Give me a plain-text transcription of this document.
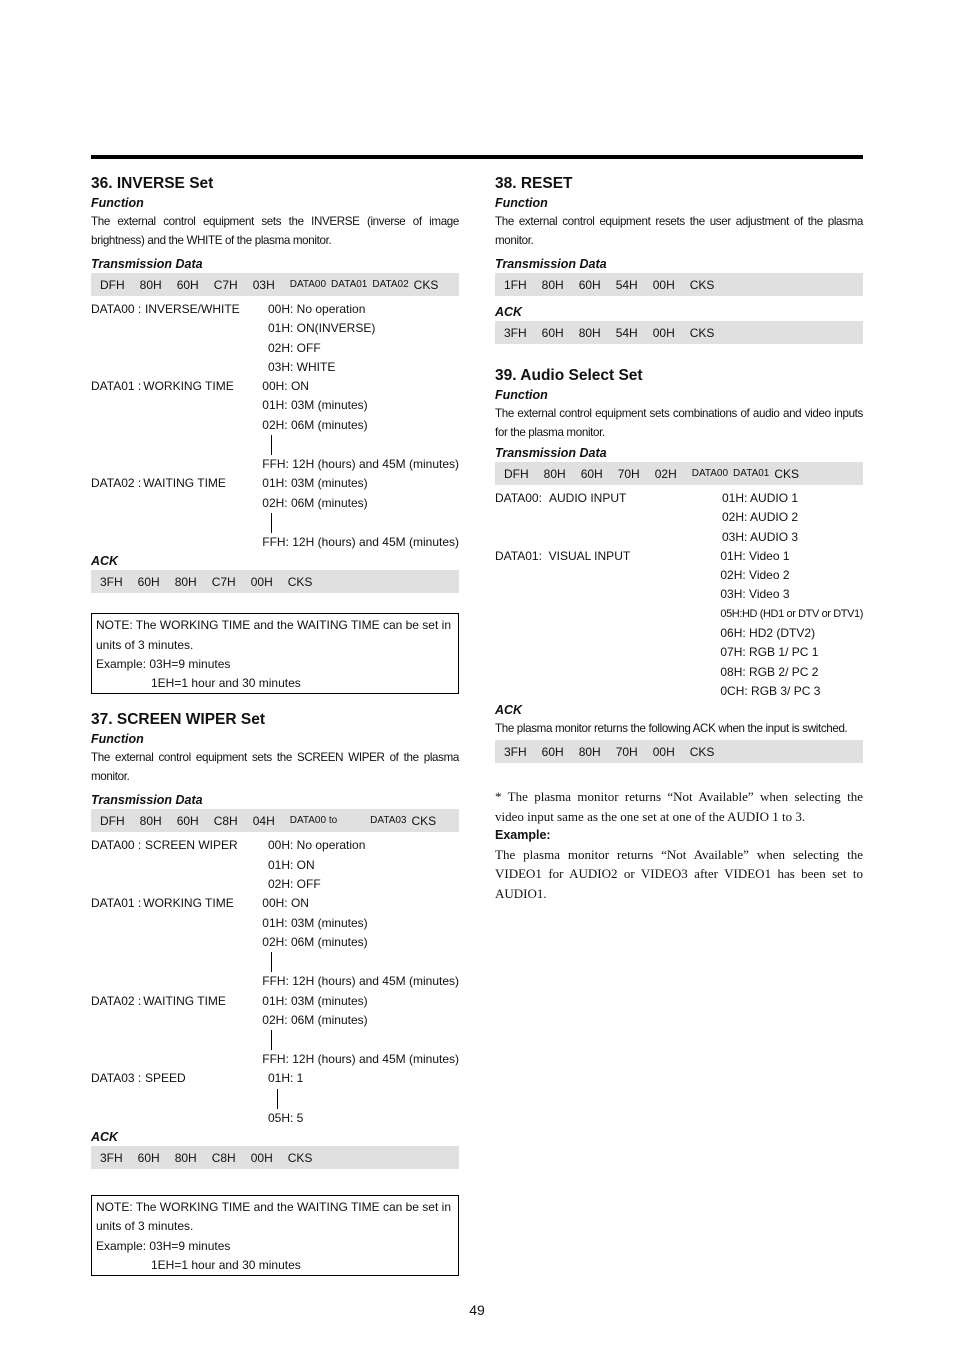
36. INVERSE Set

Function

The external control equipment sets the INVERSE (inverse of image brightness) and the WHITE of the plasma monitor.

Transmission Data

DFH 80H 60H C7H 03H DATA00 DATA01 DATA02 CKS
DATA00 : INVERSE/WHITE	00H: No operation
01H: ON(INVERSE)
02H: OFF
03H: WHITE
DATA01 : WORKING TIME	00H: ON
01H: 03M (minutes)
02H: 06M (minutes)
FFH: 12H (hours) and 45M (minutes)
DATA02 : WAITING TIME	01H: 03M (minutes)
02H: 06M (minutes)
FFH: 12H (hours) and 45M (minutes)

ACK

3FH 60H 80H C7H 00H CKS
NOTE: The WORKING TIME and the WAITING TIME can be set in units of 3 minutes.
Example: 03H=9 minutes
1EH=1 hour and 30 minutes

37. SCREEN WIPER Set

Function

The external control equipment sets the SCREEN WIPER of the plasma monitor.

Transmission Data

DFH 80H 60H C8H 04H DATA00 to	DATA03 CKS
DATA00 : SCREEN WIPER	00H: No operation
01H: ON
02H: OFF
DATA01 : WORKING TIME	00H: ON
01H: 03M (minutes)
02H: 06M (minutes)
FFH: 12H (hours) and 45M (minutes)
DATA02 : WAITING TIME	01H: 03M (minutes)
02H: 06M (minutes)
FFH: 12H (hours) and 45M (minutes)
DATA03 : SPEED	01H: 1
05H: 5

ACK

3FH 60H 80H C8H 00H CKS
NOTE: The WORKING TIME and the WAITING TIME can be set in units of 3 minutes.
Example: 03H=9 minutes
1EH=1 hour and 30 minutes

38. RESET

Function

The external control equipment resets the user adjustment of the plasma monitor.

Transmission Data

1FH 80H 60H 54H 00H CKS

ACK

3FH 60H 80H 54H 00H CKS

39. Audio Select Set

Function

The external control equipment sets combinations of audio and video inputs for the plasma monitor.

Transmission Data

DFH 80H 60H 70H 02H DATA00 DATA01 CKS
DATA00: AUDIO INPUT	01H: AUDIO 1
02H: AUDIO 2
03H: AUDIO 3
DATA01: VISUAL INPUT	01H: Video 1
02H: Video 2
03H: Video 3
05H:HD (HD1 or DTV or DTV1)
06H: HD2 (DTV2)
07H: RGB 1/ PC 1
08H: RGB 2/ PC 2
0CH: RGB 3/ PC 3

ACK

The plasma monitor returns the following ACK when the input is switched.

3FH 60H 80H 70H 00H CKS
* The plasma monitor returns “Not Available” when selecting the video input same as the one set at one of the AUDIO 1 to 3.
Example:
The plasma monitor returns “Not Available” when selecting the VIDEO1 for AUDIO2 or VIDEO3 after VIDEO1 has been set to AUDIO1.
49
